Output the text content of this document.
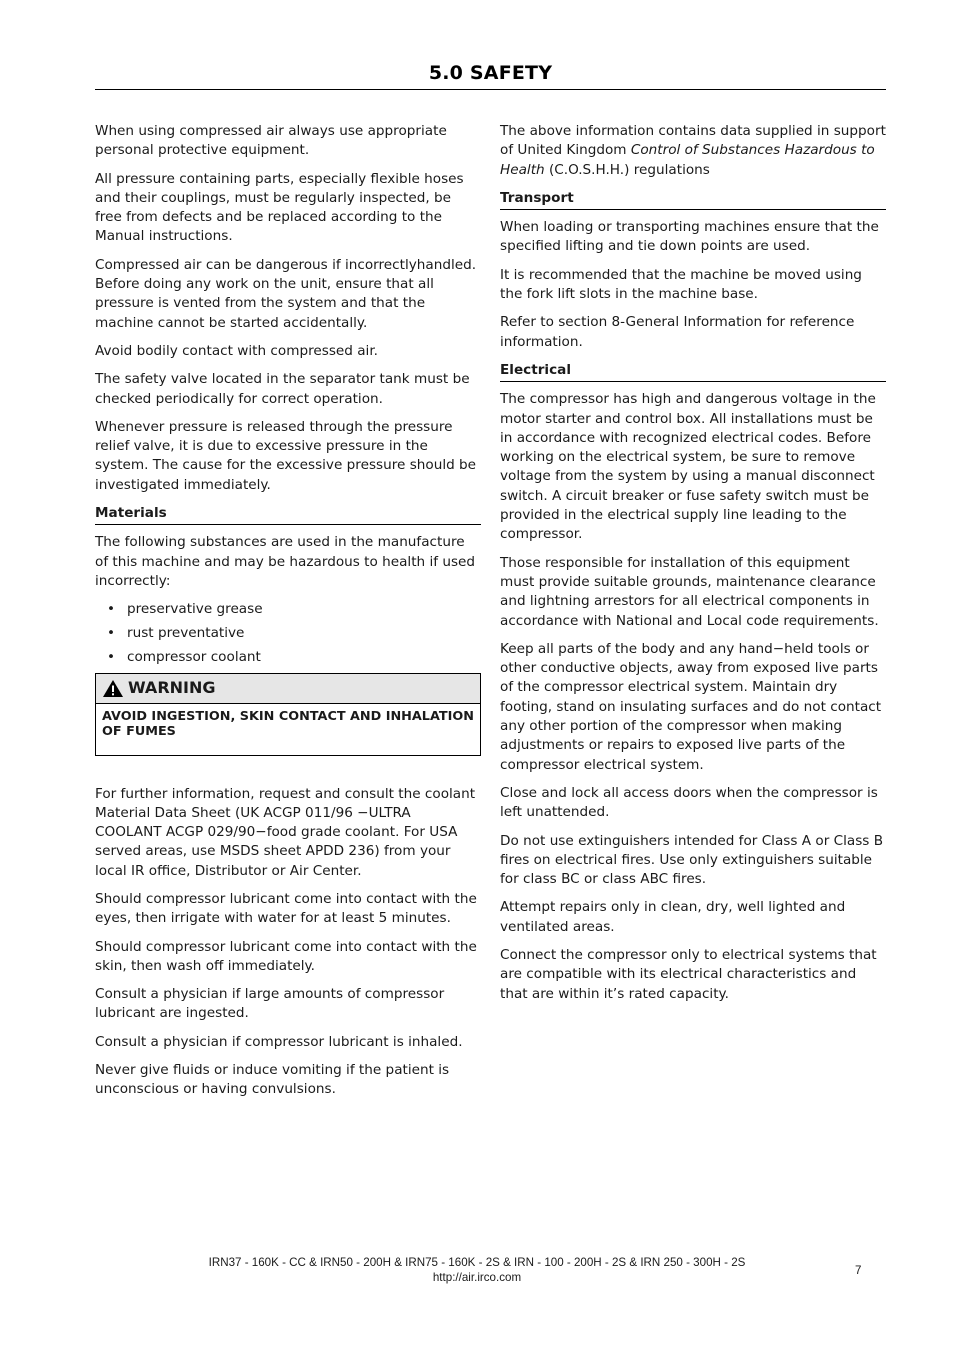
5.0 SAFETY

When using compressed air always use appropriate personal protective equipment.

All pressure containing parts, especially flexible hoses and their couplings, must be regularly inspected, be free from defects and be replaced according to the Manual instructions.

Compressed air can be dangerous if incorrectlyhandled. Before doing any work on the unit, ensure that all pressure is vented from the system and that the machine cannot be started accidentally.

Avoid bodily contact with compressed air.

The safety valve located in the separator tank must be checked periodically for correct operation.

Whenever pressure is released through the pressure relief valve, it is due to excessive pressure in the system. The cause for the excessive pressure should be investigated immediately.

Materials

The following substances are used in the manufacture of this machine and may be hazardous to health if used incorrectly:

• preservative grease
• rust preventative
• compressor coolant
WARNING
AVOID INGESTION, SKIN CONTACT AND INHALATION OF FUMES

For further information, request and consult the coolant Material Data Sheet (UK ACGP 011/96 −ULTRA COOLANT ACGP 029/90−food grade coolant. For USA served areas, use MSDS sheet APDD 236) from your local IR office, Distributor or Air Center.

Should compressor lubricant come into contact with the eyes, then irrigate with water for at least 5 minutes.

Should compressor lubricant come into contact with the skin, then wash off immediately.

Consult a physician if large amounts of compressor lubricant are ingested.

Consult a physician if compressor lubricant is inhaled.

Never give fluids or induce vomiting if the patient is unconscious or having convulsions.

The above information contains data supplied in support of United Kingdom Control of Substances Hazardous to Health (C.O.S.H.H.) regulations

Transport

When loading or transporting machines ensure that the specified lifting and tie down points are used.

It is recommended that the machine be moved using the fork lift slots in the machine base.

Refer to section 8-General Information for reference information.

Electrical

The compressor has high and dangerous voltage in the motor starter and control box. All installations must be in accordance with recognized electrical codes. Before working on the electrical system, be sure to remove voltage from the system by using a manual disconnect switch. A circuit breaker or fuse safety switch must be provided in the electrical supply line leading to the compressor.

Those responsible for installation of this equipment must provide suitable grounds, maintenance clearance and lightning arrestors for all electrical components in accordance with National and Local code requirements.

Keep all parts of the body and any hand−held tools or other conductive objects, away from exposed live parts of the compressor electrical system. Maintain dry footing, stand on insulating surfaces and do not contact any other portion of the compressor when making adjustments or repairs to exposed live parts of the compressor electrical system.

Close and lock all access doors when the compressor is left unattended.

Do not use extinguishers intended for Class A or Class B fires on electrical fires. Use only extinguishers suitable for class BC or class ABC fires.

Attempt repairs only in clean, dry, well lighted and ventilated areas.

Connect the compressor only to electrical systems that are compatible with its electrical characteristics and that are within it’s rated capacity.

IRN37 - 160K - CC & IRN50 - 200H & IRN75 - 160K - 2S & IRN - 100 - 200H - 2S & IRN 250 - 300H - 2S
http://air.irco.com
7
